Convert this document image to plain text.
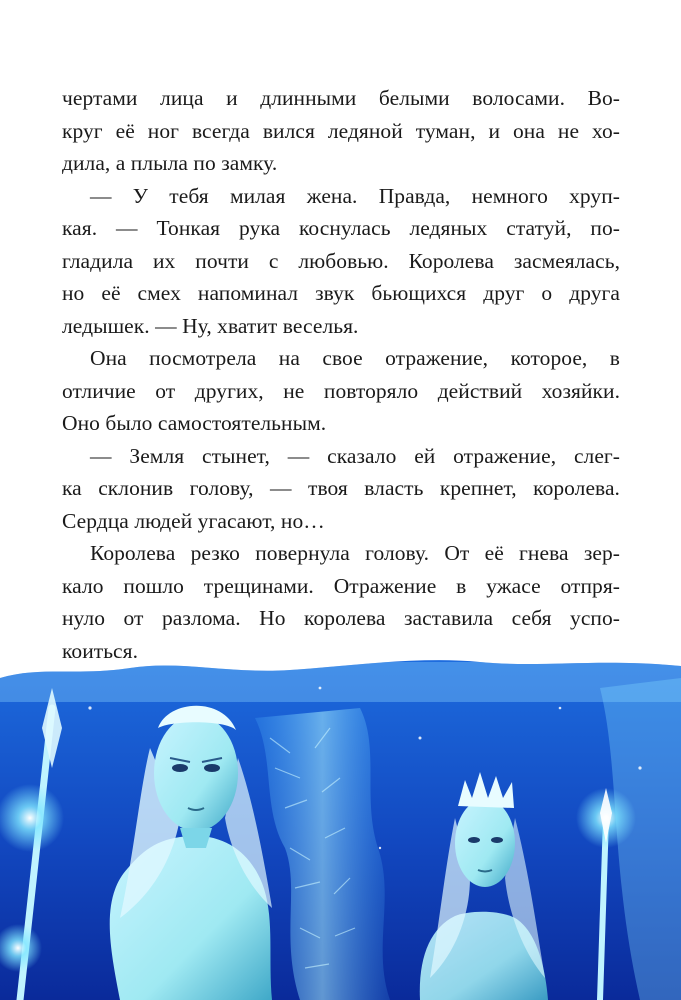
чертами лица и длинными белыми волосами. Во-
круг её ног всегда вился ледяной туман, и она не хо-
дила, а плыла по замку.
— У тебя милая жена. Правда, немного хруп-
кая. — Тонкая рука коснулась ледяных статуй, по-
гладила их почти с любовью. Королева засмеялась,
но её смех напоминал звук бьющихся друг о друга
ледышек. — Ну, хватит веселья.
Она посмотрела на свое отражение, которое, в
отличие от других, не повторяло действий хозяйки.
Оно было самостоятельным.
— Земля стынет, — сказало ей отражение, слег-
ка склонив голову, — твоя власть крепнет, королева.
Сердца людей угасают, но…
Королева резко повернула голову. От её гнева зер-
кало пошло трещинами. Отражение в ужасе отпря-
нуло от разлома. Но королева заставила себя успо-
коиться.
